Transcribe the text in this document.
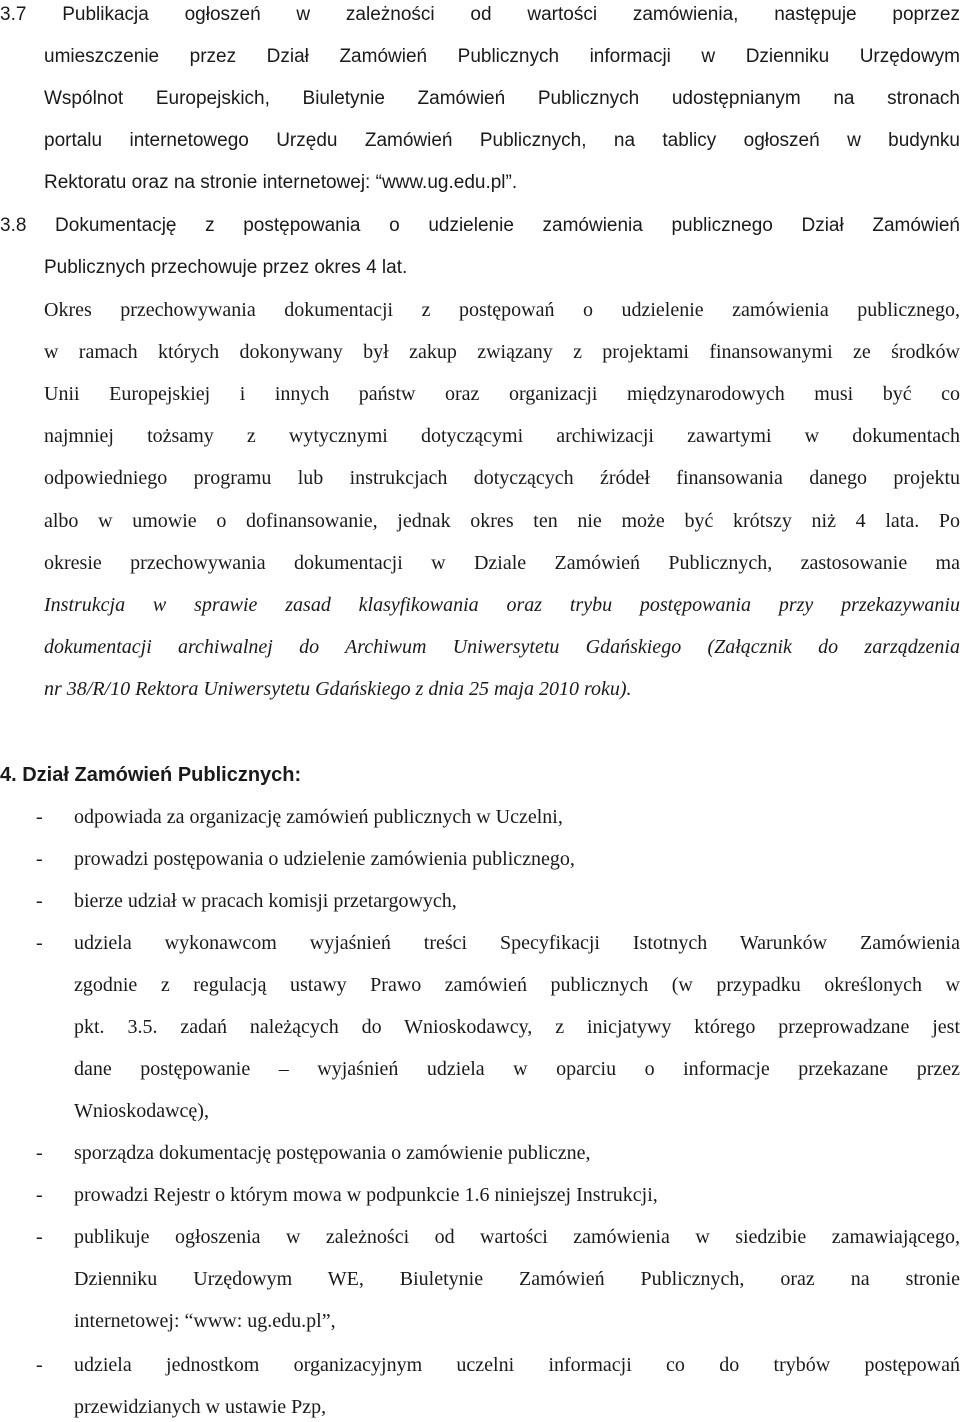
3.7 Publikacja ogłoszeń w zależności od wartości zamówienia, następuje poprzez
umieszczenie przez Dział Zamówień Publicznych informacji w Dzienniku Urzędowym
Wspólnot Europejskich, Biuletynie Zamówień Publicznych udostępnianym na stronach
portalu internetowego Urzędu Zamówień Publicznych, na tablicy ogłoszeń w budynku
Rektoratu oraz na stronie internetowej: “www.ug.edu.pl”.
3.8 Dokumentację z postępowania o udzielenie zamówienia publicznego Dział Zamówień
Publicznych przechowuje przez okres 4 lat.
Okres przechowywania dokumentacji z postępowań o udzielenie zamówienia publicznego,
w ramach których dokonywany był zakup związany z projektami finansowanymi ze środków
Unii Europejskiej i innych państw oraz organizacji międzynarodowych musi być co
najmniej tożsamy z wytycznymi dotyczącymi archiwizacji zawartymi w dokumentach
odpowiedniego programu lub instrukcjach dotyczących źródeł finansowania danego projektu
albo w umowie o dofinansowanie, jednak okres ten nie może być krótszy niż 4 lata. Po
okresie przechowywania dokumentacji w Dziale Zamówień Publicznych, zastosowanie ma
Instrukcja w sprawie zasad klasyfikowania oraz trybu postępowania przy przekazywaniu
dokumentacji archiwalnej do Archiwum Uniwersytetu Gdańskiego (Załącznik do zarządzenia
nr 38/R/10 Rektora Uniwersytetu Gdańskiego z dnia 25 maja 2010 roku).
4. Dział Zamówień Publicznych:
- odpowiada za organizację zamówień publicznych w Uczelni,
- prowadzi postępowania o udzielenie zamówienia publicznego,
- bierze udział w pracach komisji przetargowych,
- udziela wykonawcom wyjaśnień treści Specyfikacji Istotnych Warunków Zamówienia
zgodnie z regulacją ustawy Prawo zamówień publicznych (w przypadku określonych w
pkt. 3.5. zadań należących do Wnioskodawcy, z inicjatywy którego przeprowadzane jest
dane postępowanie – wyjaśnień udziela w oparciu o informacje przekazane przez
Wnioskodawcę),
- sporządza dokumentację postępowania o zamówienie publiczne,
- prowadzi Rejestr o którym mowa w podpunkcie 1.6 niniejszej Instrukcji,
- publikuje ogłoszenia w zależności od wartości zamówienia w siedzibie zamawiającego,
Dzienniku Urzędowym WE, Biuletynie Zamówień Publicznych, oraz na stronie
internetowej: “www: ug.edu.pl”,
- udziela jednostkom organizacyjnym uczelni informacji co do trybów postępowań
przewidzianych w ustawie Pzp,
